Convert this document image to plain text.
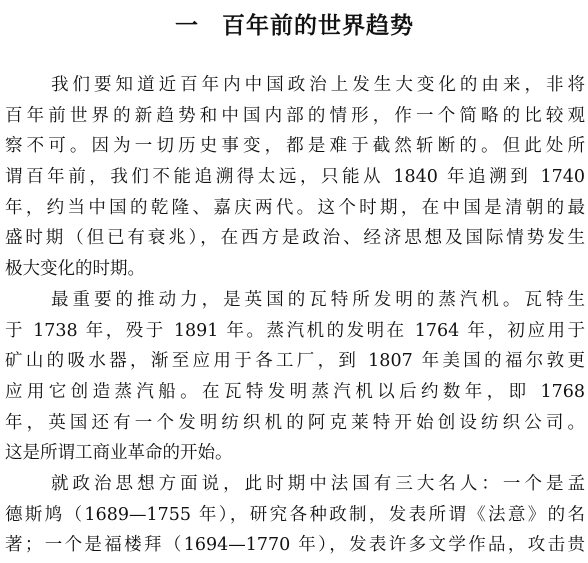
一 百年前的世界趋势
我们要知道近百年内中国政治上发生大变化的由来，非将
百年前世界的新趋势和中国内部的情形，作一个简略的比较观
察不可。因为一切历史事变，都是难于截然斩断的。但此处所
谓百年前，我们不能追溯得太远，只能从 1840 年追溯到 1740
年，约当中国的乾隆、嘉庆两代。这个时期，在中国是清朝的最
盛时期（但已有衰兆），在西方是政治、经济思想及国际情势发生
极大变化的时期。
最重要的推动力，是英国的瓦特所发明的蒸汽机。瓦特生
于 1738 年，殁于 1891 年。蒸汽机的发明在 1764 年，初应用于
矿山的吸水器，渐至应用于各工厂，到 1807 年美国的福尔敦更
应用它创造蒸汽船。在瓦特发明蒸汽机以后约数年，即 1768
年，英国还有一个发明纺织机的阿克莱特开始创设纺织公司。
这是所谓工商业革命的开始。
就政治思想方面说，此时期中法国有三大名人：一个是孟
德斯鸠（1689—1755 年），研究各种政制，发表所谓《法意》的名
著；一个是福楼拜（1694—1770 年），发表许多文学作品，攻击贵
